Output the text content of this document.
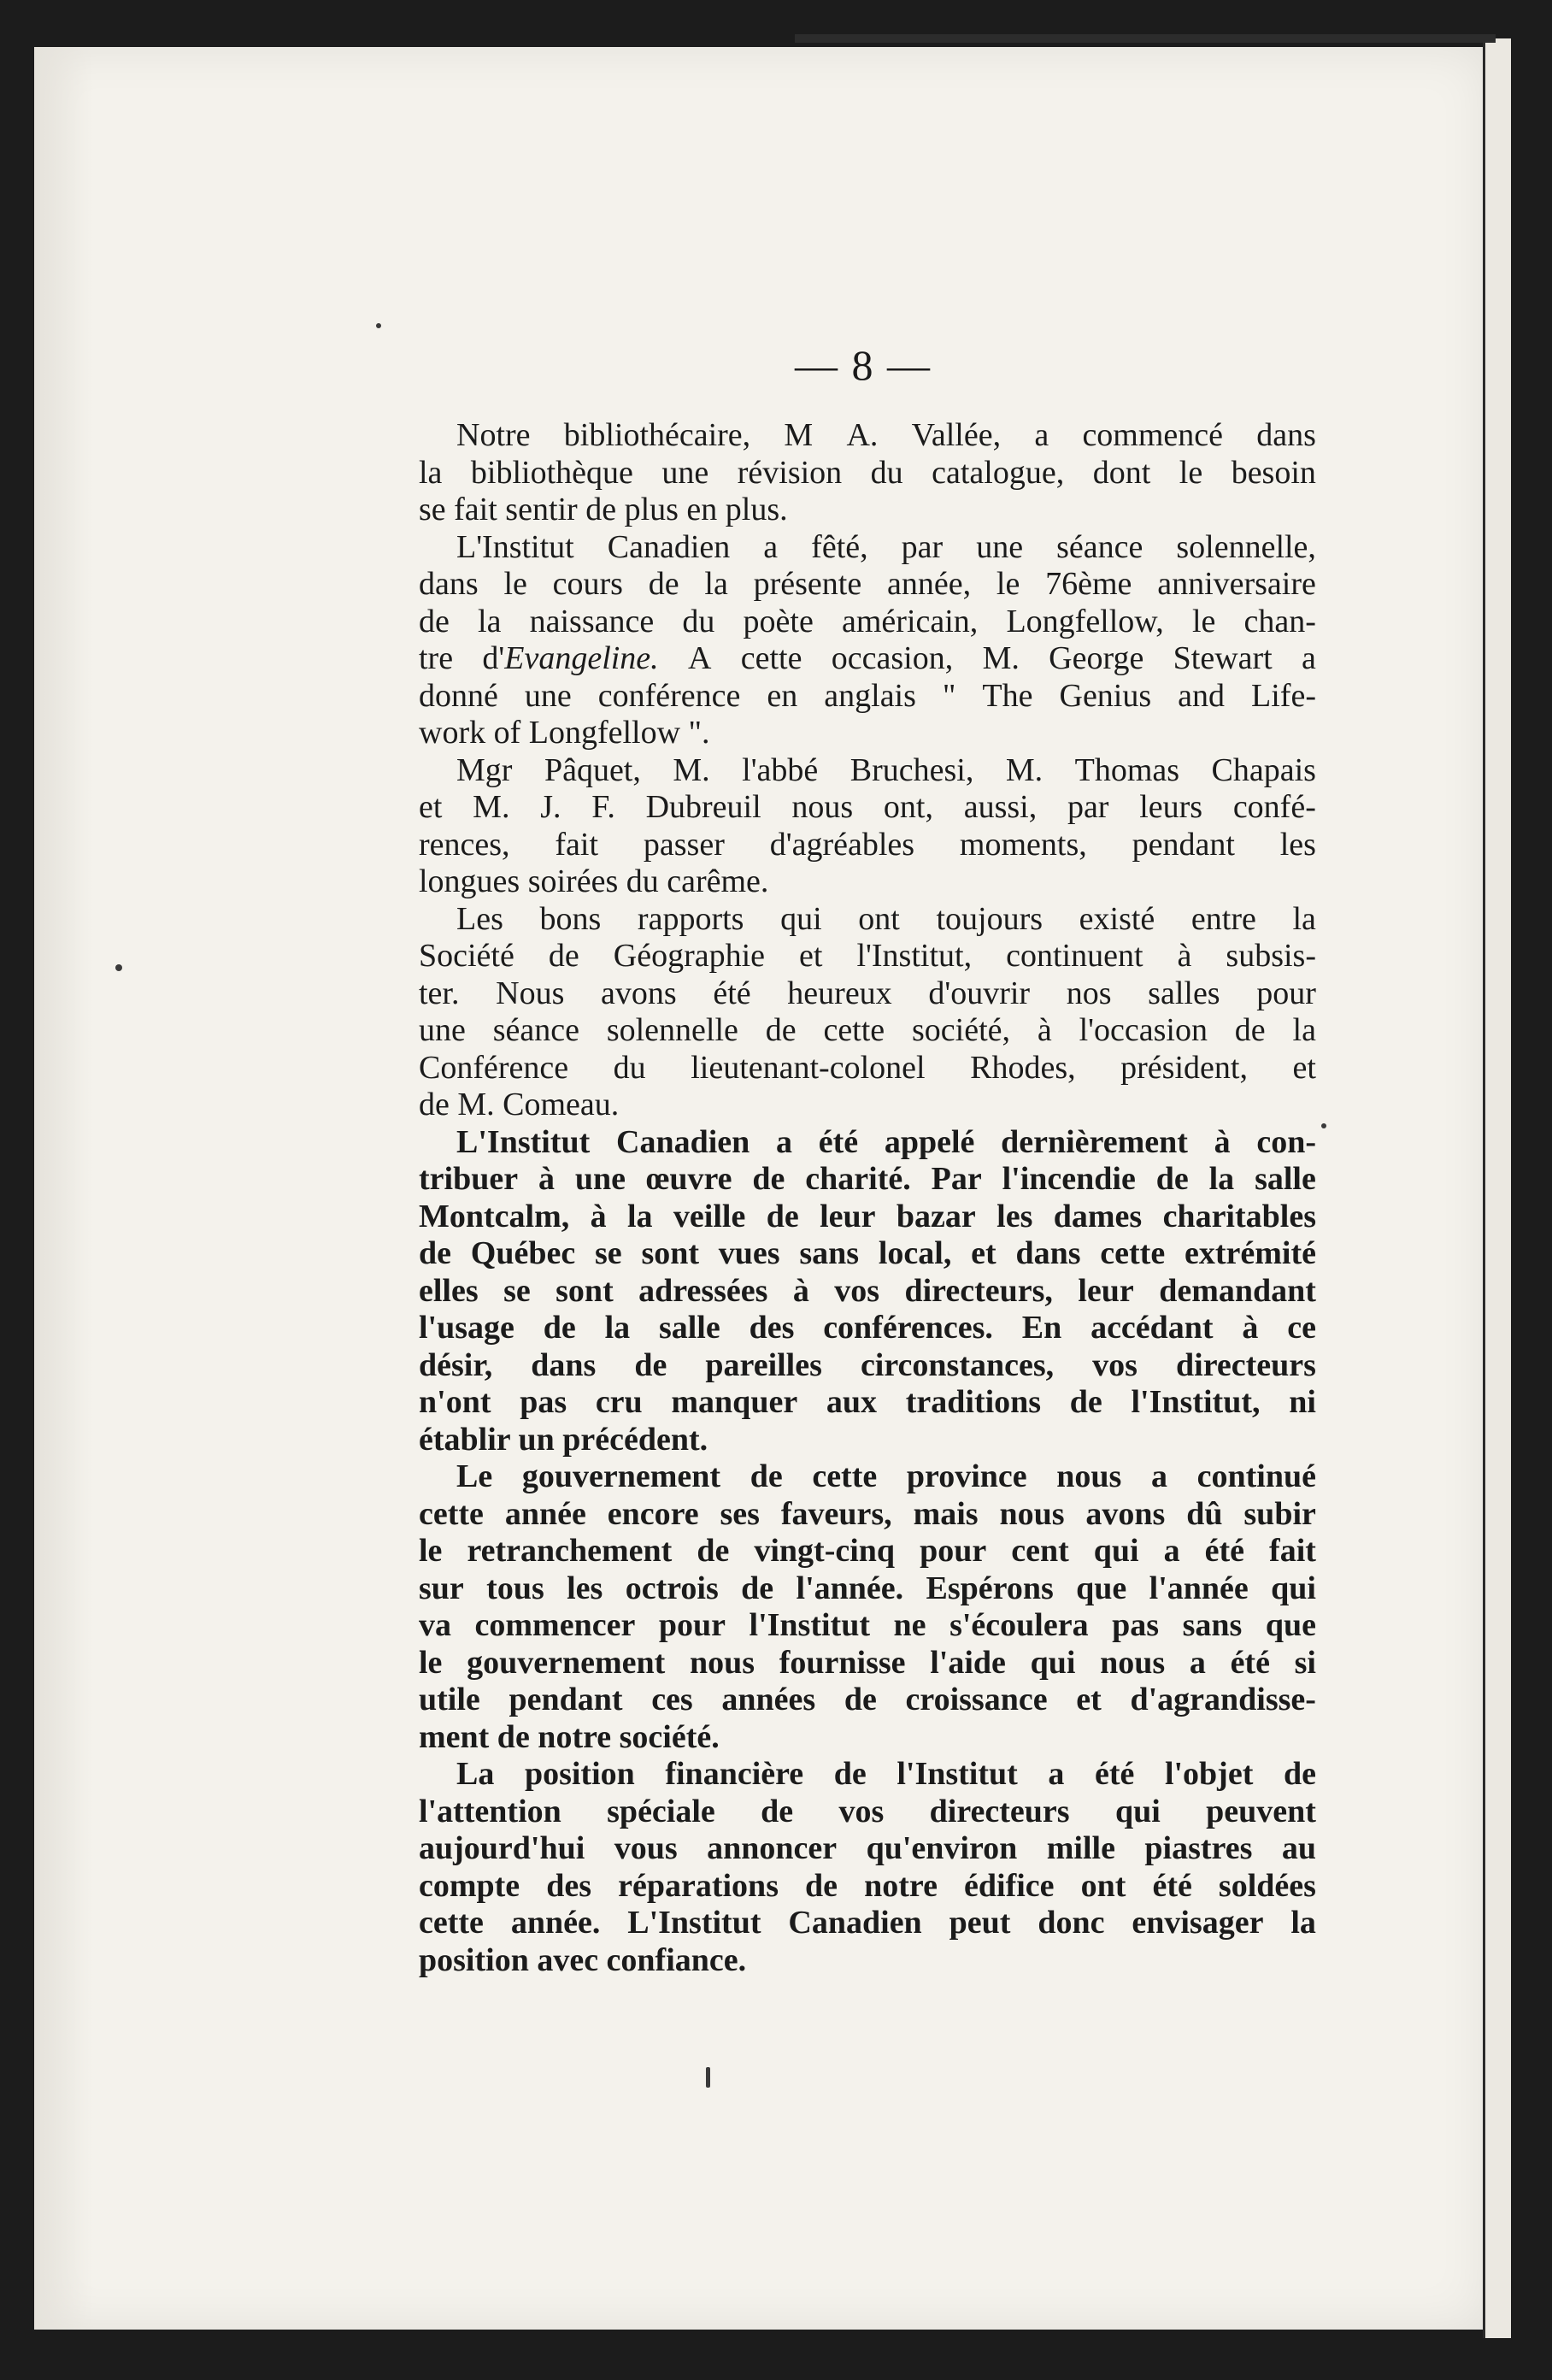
— 8 —
Notre bibliothécaire, M A. Vallée, a commencé dans
la bibliothèque une révision du catalogue, dont le besoin
se fait sentir de plus en plus.
L'Institut Canadien a fêté, par une séance solennelle,
dans le cours de la présente année, le 76ème anniversaire
de la naissance du poète américain, Longfellow, le chan-
tre d'Evangeline. A cette occasion, M. George Stewart a
donné une conférence en anglais " The Genius and Life-
work of Longfellow ".
Mgr Pâquet, M. l'abbé Bruchesi, M. Thomas Chapais
et M. J. F. Dubreuil nous ont, aussi, par leurs confé-
rences, fait passer d'agréables moments, pendant les
longues soirées du carême.
Les bons rapports qui ont toujours existé entre la
Société de Géographie et l'Institut, continuent à subsis-
ter. Nous avons été heureux d'ouvrir nos salles pour
une séance solennelle de cette société, à l'occasion de la
Conférence du lieutenant-colonel Rhodes, président, et
de M. Comeau.
L'Institut Canadien a été appelé dernièrement à con-
tribuer à une œuvre de charité. Par l'incendie de la salle
Montcalm, à la veille de leur bazar les dames charitables
de Québec se sont vues sans local, et dans cette extrémité
elles se sont adressées à vos directeurs, leur demandant
l'usage de la salle des conférences. En accédant à ce
désir, dans de pareilles circonstances, vos directeurs
n'ont pas cru manquer aux traditions de l'Institut, ni
établir un précédent.
Le gouvernement de cette province nous a continué
cette année encore ses faveurs, mais nous avons dû subir
le retranchement de vingt-cinq pour cent qui a été fait
sur tous les octrois de l'année. Espérons que l'année qui
va commencer pour l'Institut ne s'écoulera pas sans que
le gouvernement nous fournisse l'aide qui nous a été si
utile pendant ces années de croissance et d'agrandisse-
ment de notre société.
La position financière de l'Institut a été l'objet de
l'attention spéciale de vos directeurs qui peuvent
aujourd'hui vous annoncer qu'environ mille piastres au
compte des réparations de notre édifice ont été soldées
cette année. L'Institut Canadien peut donc envisager la
position avec confiance.
